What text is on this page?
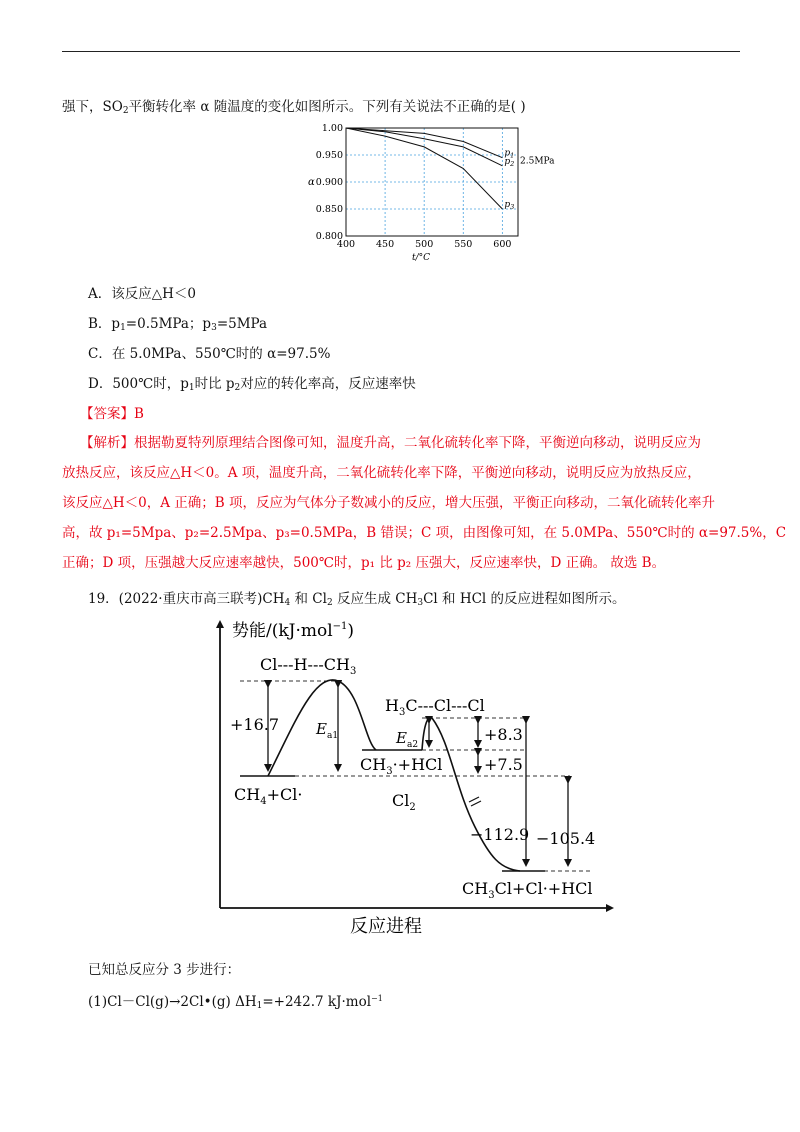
强下，$SO_2$平衡转化率 α 随温度的变化如图所示。下列有关说法不正确的是( )
400 450 500 550 600
0.800
0.850
0.900
0.950
1.00
t/°C
α
$p_1$
$p_2$
$p_3$
2.5MPa
A．该反应△H＜0
B．$p_1=0.5MPa$；$p_3=5MPa$
C．在 5.0MPa、550℃时的 α=97.5%
D．500℃时，$p_1$时比 $p_2$对应的转化率高，反应速率快
【答案】B
【解析】根据勒夏特列原理结合图像可知，温度升高，二氧化硫转化率下降，平衡逆向移动，说明反应为
放热反应，该反应△H＜0。A 项，温度升高，二氧化硫转化率下降，平衡逆向移动，说明反应为放热反应，
该反应△H＜0，A 正确；B 项，反应为气体分子数减小的反应，增大压强，平衡正向移动，二氧化硫转化率升
高，故 p₁=5Mpa、p₂=2.5Mpa、p₃=0.5MPa，B 错误；C 项，由图像可知，在 5.0MPa、550℃时的 α=97.5%，C
正确；D 项，压强越大反应速率越快，500℃时，p₁ 比 p₂ 压强大，反应速率快，D 正确。 故选 B。
19．(2022·重庆市高三联考)$CH_4$ 和 $Cl_2$ 反应生成 $CH_3Cl$ 和 HCl 的反应进程如图所示。
势能/(kJ·mol$^{-1}$)
反应进程
$Cl---H---CH_3$
$H_3C---Cl---Cl$
$CH_4+Cl\cdot$
$CH_3\cdot+HCl$
$Cl_2$
$CH_3Cl+Cl\cdot+HCl$
+16.7 $E_{a1}$	$E_{a2}$
+8.3
+7.5
−112.9 −105.4
已知总反应分 3 步进行：
(1)Cl－Cl(g)→2Cl•(g) $\Delta H_1=+242.7$ kJ·mol$^{-1}$
